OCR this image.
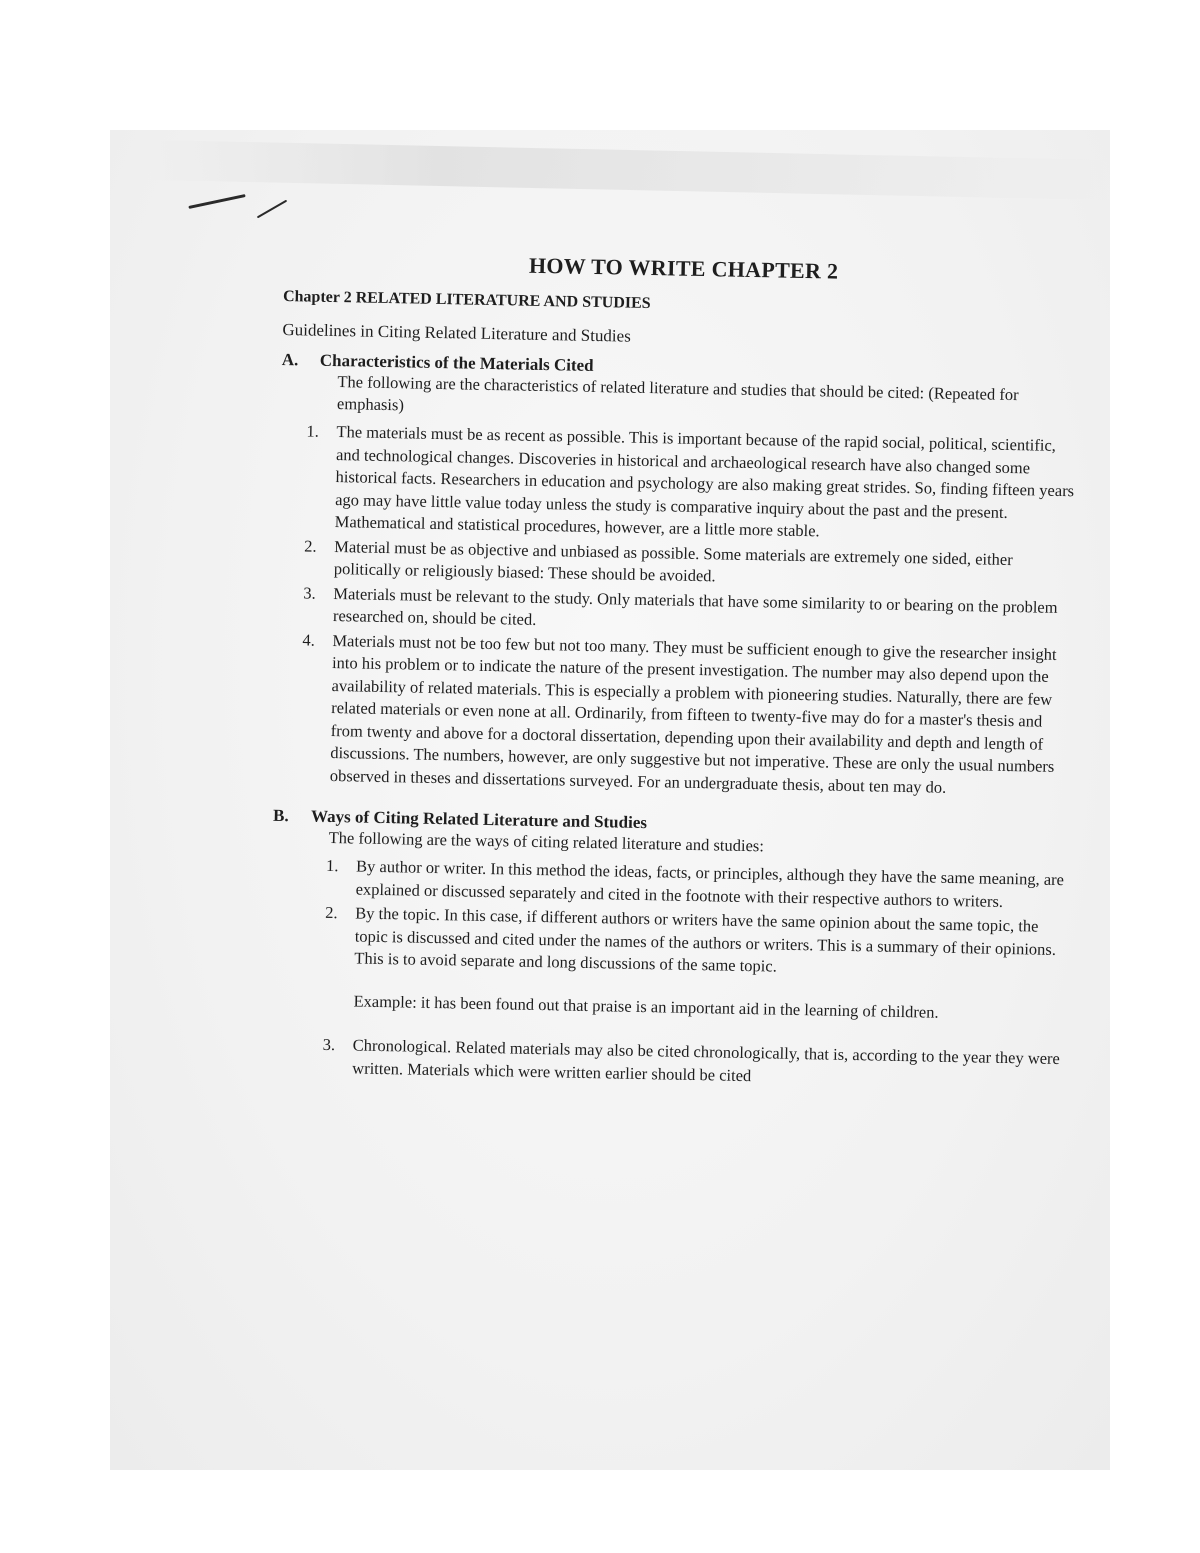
HOW TO WRITE CHAPTER 2
Chapter 2 RELATED LITERATURE AND STUDIES
Guidelines in Citing Related Literature and Studies
A.	Characteristics of the Materials Cited

The following are the characteristics of related literature and studies that should be cited: (Repeated for emphasis)

1.	The materials must be as recent as possible. This is important because of the rapid social, political, scientific, and technological changes. Discoveries in historical and archaeological research have also changed some historical facts. Researchers in education and psychology are also making great strides. So, finding fifteen years ago may have little value today unless the study is comparative inquiry about the past and the present. Mathematical and statistical procedures, however, are a little more stable.
2.	Material must be as objective and unbiased as possible. Some materials are extremely one sided, either politically or religiously biased: These should be avoided.
3.	Materials must be relevant to the study. Only materials that have some similarity to or bearing on the problem researched on, should be cited.
4.	Materials must not be too few but not too many. They must be sufficient enough to give the researcher insight into his problem or to indicate the nature of the present investigation. The number may also depend upon the availability of related materials. This is especially a problem with pioneering studies. Naturally, there are few related materials or even none at all. Ordinarily, from fifteen to twenty-five may do for a master's thesis and from twenty and above for a doctoral dissertation, depending upon their availability and depth and length of discussions. The numbers, however, are only suggestive but not imperative. These are only the usual numbers observed in theses and dissertations surveyed. For an undergraduate thesis, about ten may do.
B.	Ways of Citing Related Literature and Studies

The following are the ways of citing related literature and studies:

1.	By author or writer. In this method the ideas, facts, or principles, although they have the same meaning, are explained or discussed separately and cited in the footnote with their respective authors to writers.
2.	By the topic. In this case, if different authors or writers have the same opinion about the same topic, the topic is discussed and cited under the names of the authors or writers. This is a summary of their opinions. This is to avoid separate and long discussions of the same topic.

Example: it has been found out that praise is an important aid in the learning of children.

3.	Chronological. Related materials may also be cited chronologically, that is, according to the year they were written. Materials which were written earlier should be cited
